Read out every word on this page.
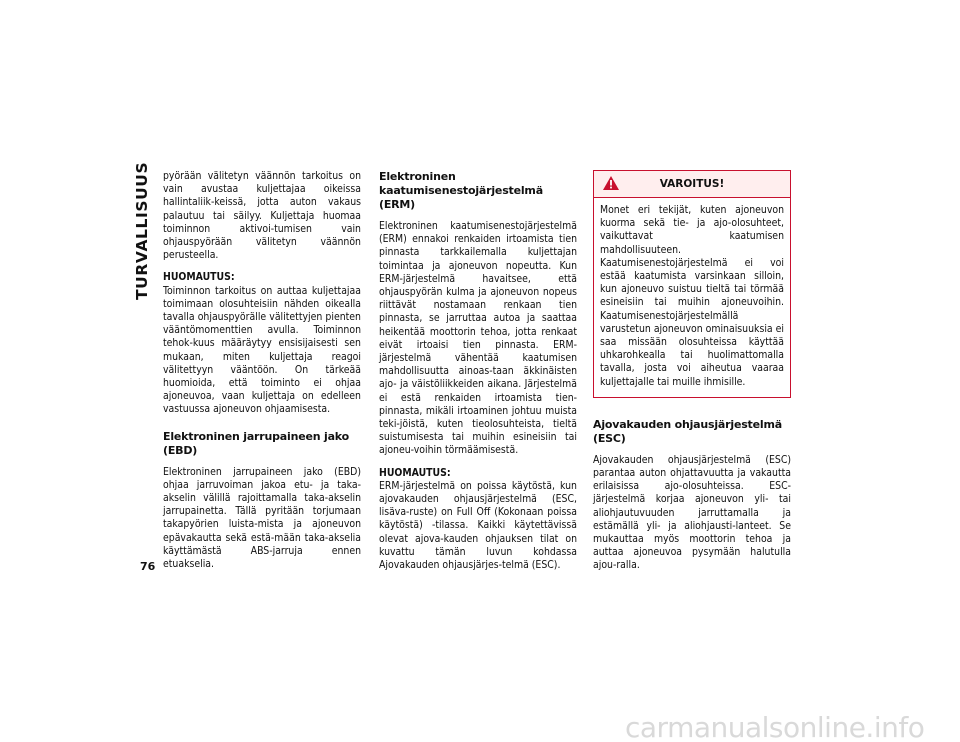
TURVALLISUUS
76

pyörään välitetyn väännön tarkoitus on vain avustaa kuljettajaa oikeissa hallintaliik-keissä, jotta auton vakaus palautuu tai säilyy. Kuljettaja huomaa toiminnon aktivoi-tumisen vain ohjauspyörään välitetyn väännön perusteella.

HUOMAUTUS:

Toiminnon tarkoitus on auttaa kuljettajaa toimimaan olosuhteisiin nähden oikealla tavalla ohjauspyörälle välitettyjen pienten vääntömomenttien avulla. Toiminnon tehok-kuus määräytyy ensisijaisesti sen mukaan, miten kuljettaja reagoi välitettyyn vääntöön. On tärkeää huomioida, että toiminto ei ohjaa ajoneuvoa, vaan kuljettaja on edelleen vastuussa ajoneuvon ohjaamisesta.

Elektroninen jarrupaineen jako (EBD)

Elektroninen jarrupaineen jako (EBD) ohjaa jarruvoiman jakoa etu- ja taka-akselin välillä rajoittamalla taka-akselin jarrupainetta. Tällä pyritään torjumaan takapyörien luista-mista ja ajoneuvon epävakautta sekä estä-mään taka-akselia käyttämästä ABS-jarruja ennen etuakselia.

Elektroninen kaatumisenestojärjestelmä (ERM)

Elektroninen kaatumisenestojärjestelmä (ERM) ennakoi renkaiden irtoamista tien pinnasta tarkkailemalla kuljettajan toimintaa ja ajoneuvon nopeutta. Kun ERM-järjestelmä havaitsee, että ohjauspyörän kulma ja ajoneuvon nopeus riittävät nostamaan renkaan tien pinnasta, se jarruttaa autoa ja saattaa heikentää moottorin tehoa, jotta renkaat eivät irtoaisi tien pinnasta. ERM-järjestelmä vähentää kaatumisen mahdollisuutta ainoas-taan äkkinäisten ajo- ja väistöliikkeiden aikana. Järjestelmä ei estä renkaiden irtoamista tien-pinnasta, mikäli irtoaminen johtuu muista teki-jöistä, kuten tieolosuhteista, tieltä suistumisesta tai muihin esineisiin tai ajoneu-voihin törmäämisestä.

HUOMAUTUS:

ERM-järjestelmä on poissa käytöstä, kun ajovakauden ohjausjärjestelmä (ESC, lisäva-ruste) on Full Off (Kokonaan poissa käytöstä) -tilassa. Kaikki käytettävissä olevat ajova-kauden ohjauksen tilat on kuvattu tämän luvun kohdassa Ajovakauden ohjausjärjes-telmä (ESC).

VAROITUS!

Monet eri tekijät, kuten ajoneuvon kuorma sekä tie- ja ajo-olosuhteet, vaikuttavat kaatumisen mahdollisuuteen. Kaatumisenestojärjestelmä ei voi estää kaatumista varsinkaan silloin, kun ajoneuvo suistuu tieltä tai törmää esineisiin tai muihin ajoneuvoihin. Kaatumisenestojärjestelmällä varustetun ajoneuvon ominaisuuksia ei saa missään olosuhteissa käyttää uhkarohkealla tai huolimattomalla tavalla, josta voi aiheutua vaaraa kuljettajalle tai muille ihmisille.

Ajovakauden ohjausjärjestelmä (ESC)

Ajovakauden ohjausjärjestelmä (ESC) parantaa auton ohjattavuutta ja vakautta erilaisissa ajo-olosuhteissa. ESC-järjestelmä korjaa ajoneuvon yli- tai aliohjautuvuuden jarruttamalla ja estämällä yli- ja aliohjausti-lanteet. Se mukauttaa myös moottorin tehoa ja auttaa ajoneuvoa pysymään halutulla ajou-ralla.

carmanualsonline.info
